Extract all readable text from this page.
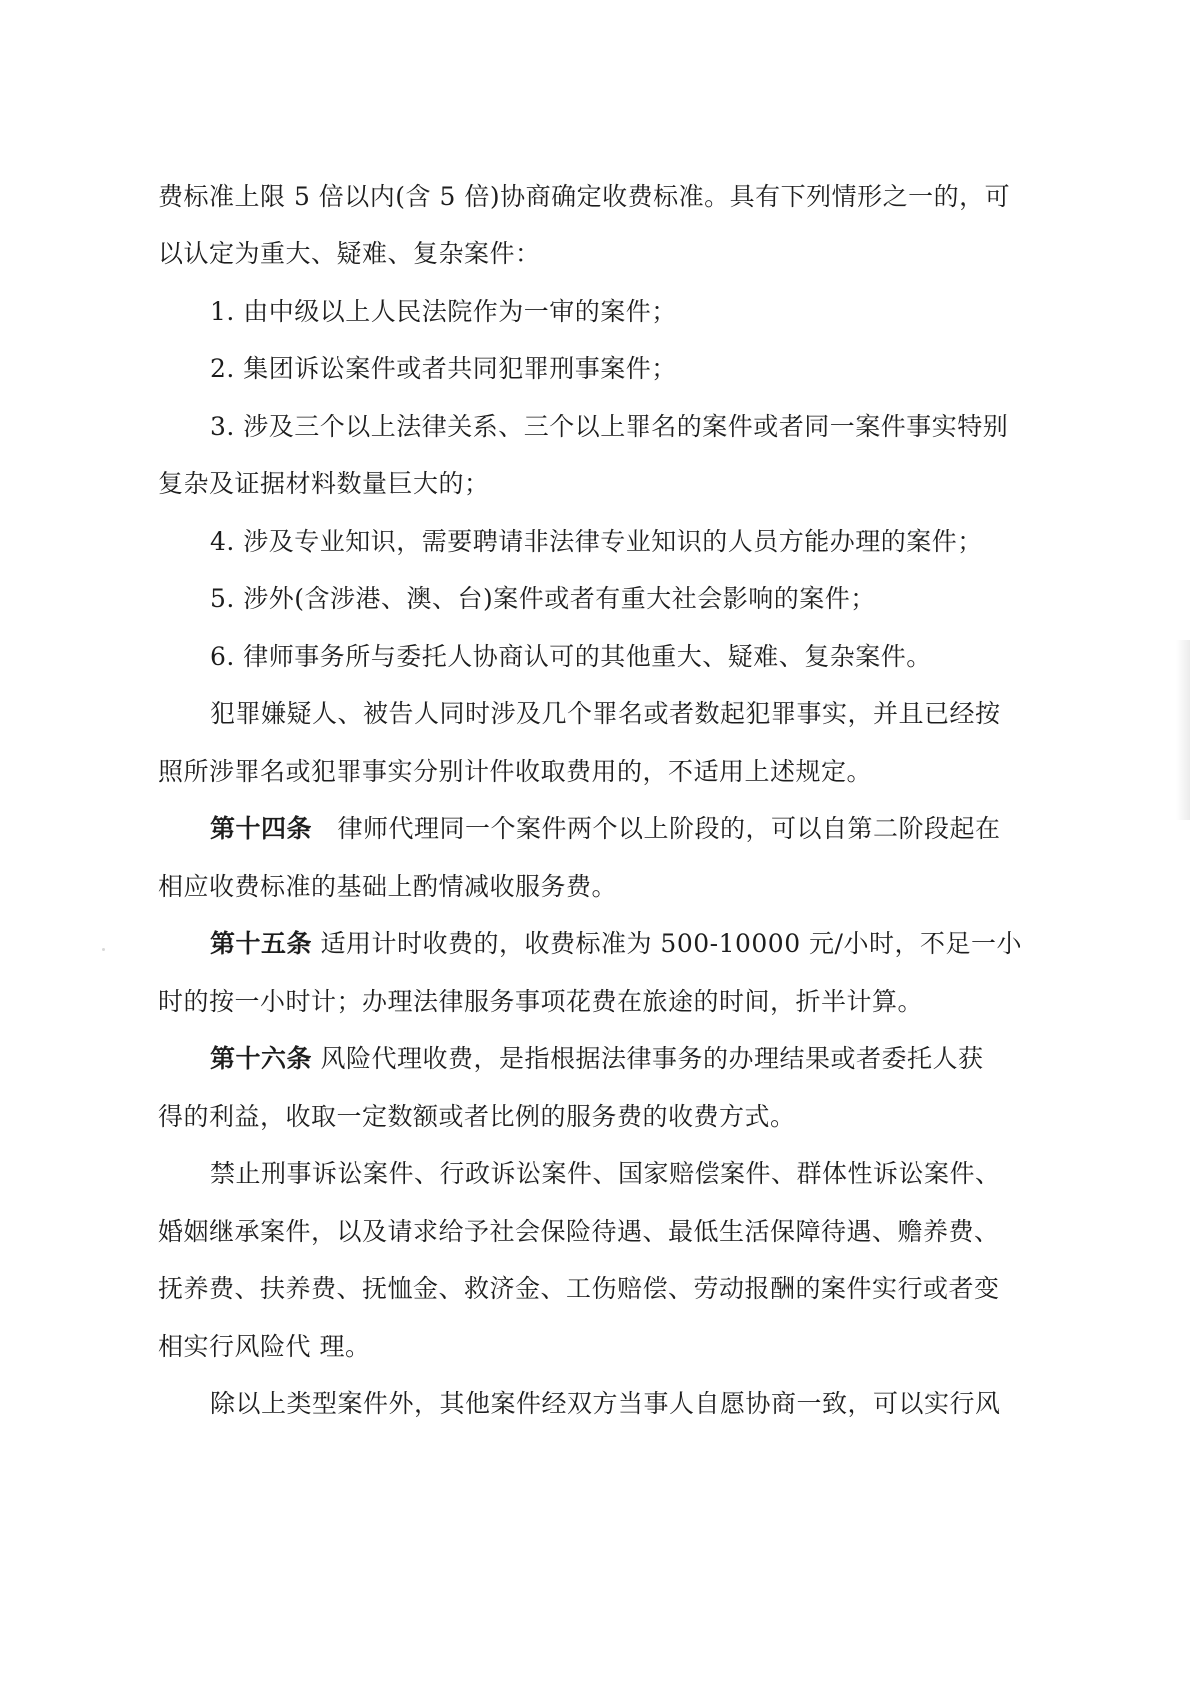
费标准上限 5 倍以内(含 5 倍)协商确定收费标准。具有下列情形之一的，可
以认定为重大、疑难、复杂案件：
1. 由中级以上人民法院作为一审的案件；
2. 集团诉讼案件或者共同犯罪刑事案件；
3. 涉及三个以上法律关系、三个以上罪名的案件或者同一案件事实特别
复杂及证据材料数量巨大的；
4. 涉及专业知识，需要聘请非法律专业知识的人员方能办理的案件；
5. 涉外(含涉港、澳、台)案件或者有重大社会影响的案件；
6. 律师事务所与委托人协商认可的其他重大、疑难、复杂案件。
犯罪嫌疑人、被告人同时涉及几个罪名或者数起犯罪事实，并且已经按
照所涉罪名或犯罪事实分别计件收取费用的，不适用上述规定。
第十四条　律师代理同一个案件两个以上阶段的，可以自第二阶段起在
相应收费标准的基础上酌情减收服务费。
第十五条 适用计时收费的，收费标准为 500-10000 元/小时，不足一小
时的按一小时计；办理法律服务事项花费在旅途的时间，折半计算。
第十六条 风险代理收费，是指根据法律事务的办理结果或者委托人获
得的利益，收取一定数额或者比例的服务费的收费方式。
禁止刑事诉讼案件、行政诉讼案件、国家赔偿案件、群体性诉讼案件、
婚姻继承案件，以及请求给予社会保险待遇、最低生活保障待遇、赡养费、
抚养费、扶养费、抚恤金、救济金、工伤赔偿、劳动报酬的案件实行或者变
相实行风险代 理。
除以上类型案件外，其他案件经双方当事人自愿协商一致，可以实行风
